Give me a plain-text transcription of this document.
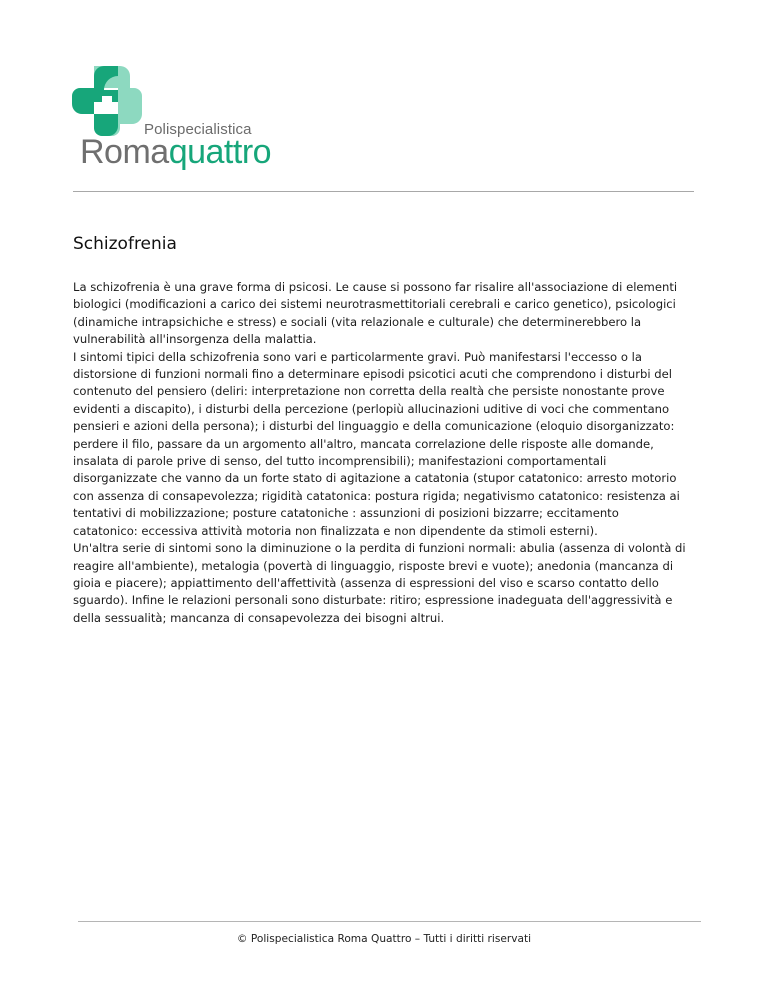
Polispecialistica
Romaquattro
Schizofrenia

La schizofrenia è una grave forma di psicosi. Le cause si possono far risalire all'associazione di elementi
biologici (modificazioni a carico dei sistemi neurotrasmettitoriali cerebrali e carico genetico), psicologici
(dinamiche intrapsichiche e stress) e sociali (vita relazionale e culturale) che determinerebbero la
vulnerabilità all'insorgenza della malattia.

I sintomi tipici della schizofrenia sono vari e particolarmente gravi. Può manifestarsi l'eccesso o la
distorsione di funzioni normali fino a determinare episodi psicotici acuti che comprendono i disturbi del
contenuto del pensiero (deliri: interpretazione non corretta della realtà che persiste nonostante prove
evidenti a discapito), i disturbi della percezione (perlopiù allucinazioni uditive di voci che commentano
pensieri e azioni della persona); i disturbi del linguaggio e della comunicazione (eloquio disorganizzato:
perdere il filo, passare da un argomento all'altro, mancata correlazione delle risposte alle domande,
insalata di parole prive di senso, del tutto incomprensibili); manifestazioni comportamentali
disorganizzate che vanno da un forte stato di agitazione a catatonia (stupor catatonico: arresto motorio
con assenza di consapevolezza; rigidità catatonica: postura rigida; negativismo catatonico: resistenza ai
tentativi di mobilizzazione; posture catatoniche : assunzioni di posizioni bizzarre; eccitamento
catatonico: eccessiva attività motoria non finalizzata e non dipendente da stimoli esterni).

Un'altra serie di sintomi sono la diminuzione o la perdita di funzioni normali: abulia (assenza di volontà di
reagire all'ambiente), metalogia (povertà di linguaggio, risposte brevi e vuote); anedonia (mancanza di
gioia e piacere); appiattimento dell'affettività (assenza di espressioni del viso e scarso contatto dello
sguardo). Infine le relazioni personali sono disturbate: ritiro; espressione inadeguata dell'aggressività e
della sessualità; mancanza di consapevolezza dei bisogni altrui.

© Polispecialistica Roma Quattro – Tutti i diritti riservati
